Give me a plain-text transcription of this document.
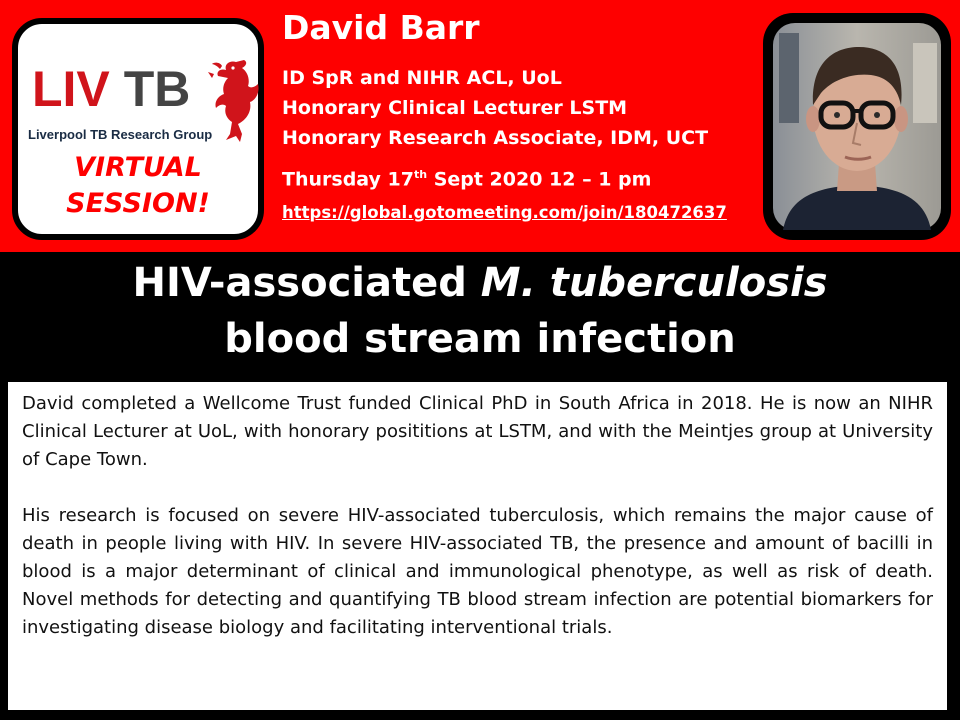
LIV TB
Liverpool TB Research Group
VIRTUAL
SESSION!
David Barr
ID SpR and NIHR ACL, UoL
Honorary Clinical Lecturer LSTM
Honorary Research Associate, IDM, UCT
Thursday 17th Sept 2020 12 – 1 pm
https://global.gotomeeting.com/join/180472637
HIV-associated M. tuberculosis
blood stream infection

David completed a Wellcome Trust funded Clinical PhD in South Africa in 2018. He is now an NIHR Clinical Lecturer at UoL, with honorary posititions at LSTM, and with the Meintjes group at University of Cape Town.

His research is focused on severe HIV-associated tuberculosis, which remains the major cause of death in people living with HIV. In severe HIV-associated TB, the presence and amount of bacilli in blood is a major determinant of clinical and immunological phenotype, as well as risk of death. Novel methods for detecting and quantifying TB blood stream infection are potential biomarkers for investigating disease biology and facilitating interventional trials.
